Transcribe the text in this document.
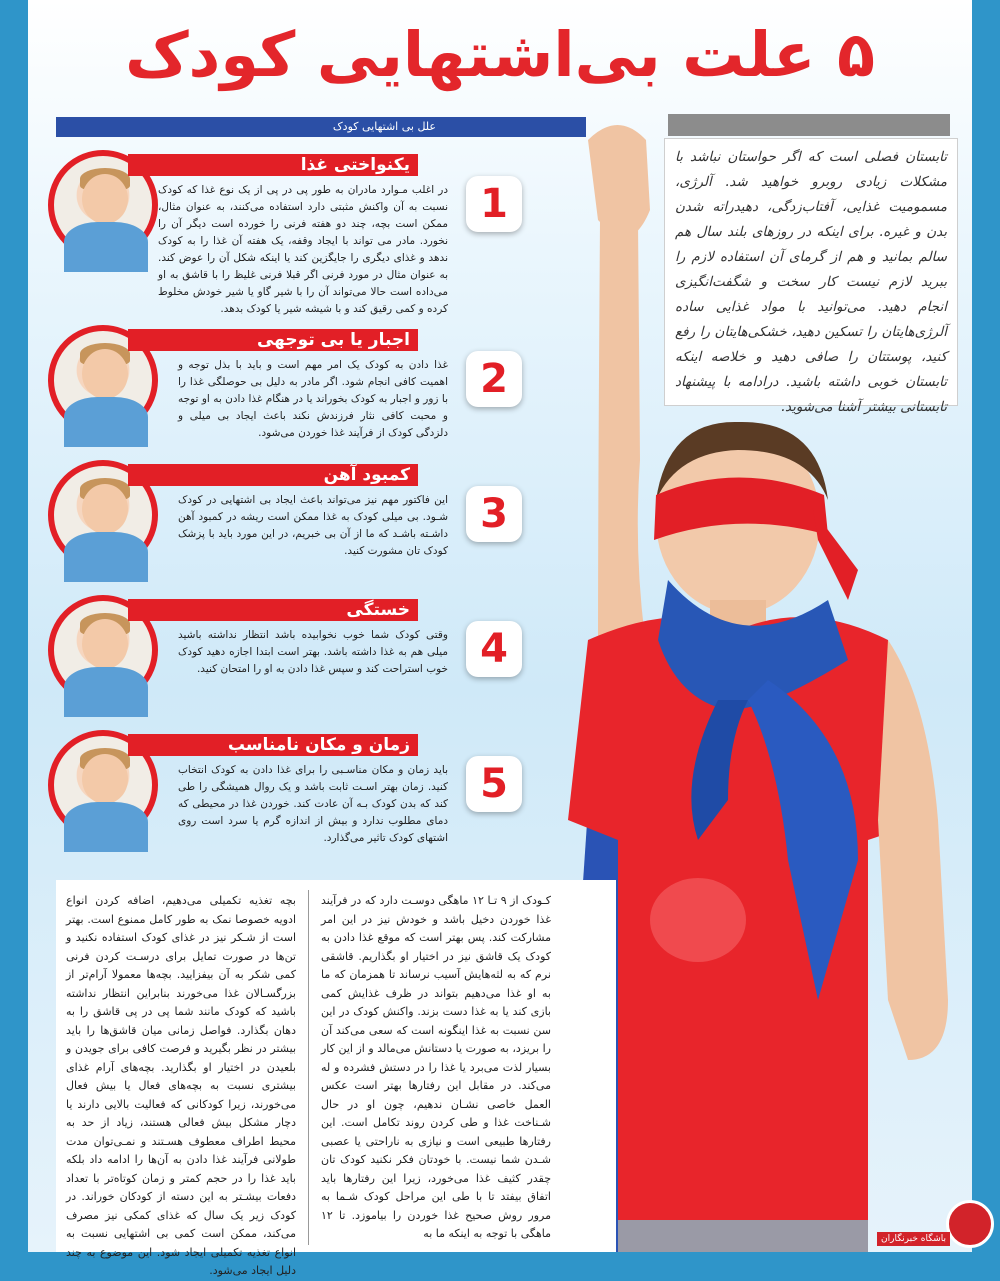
۵ علت بی‌اشتهایی کودک
علل بی اشتهایی کودک
تابستان فصلی است که اگر حواستان نباشد با مشکلات زیادی روبرو خواهید شد. آلرژی، مسمومیت غذایی، آفتاب‌زدگی، دهیدراته شدن بدن و غیره. برای اینکه در روزهای بلند سال هم سالم بمانید و هم از گرمای آن استفاده لازم را ببرید لازم نیست کار سخت و شگفت‌انگیزی انجام دهید. می‌توانید با مواد غذایی ساده آلرژی‌هایتان را تسکین دهید، خشکی‌هایتان را رفع کنید، پوستتان را صافی دهید و خلاصه اینکه تابستان خوبی داشته باشید. درادامه با پیشنهاد تابستانی بیشتر آشنا می‌شوید.
یکنواختی غذا
1
در اغلب مـوارد مادران به طور پی در پی از یک نوع غذا که کودک نسبت به آن واکنش مثبتی دارد استفاده می‌کنند، به عنوان مثال، ممکن است بچه، چند دو هفته فرنی را خورده است دیگر آن را نخورد. مادر می تواند با ایجاد وقفه، یک هفته آن غذا را به کودک ندهد و غذای دیگری را جایگزین کند یا اینکه شکل آن را عوض کند. به عنوان مثال در مورد فرنی اگر قبلا فرنی غلیظ را با قاشق به او می‌داده است حالا می‌تواند آن را با شیر گاو یا شیر خودش مخلوط کرده و کمی رقیق کند و با شیشه شیر یا کودک بدهد.
اجبار یا بی توجهی
2
غذا دادن به کودک یک امر مهم است و باید با بذل توجه و اهمیت کافی انجام شود. اگر مادر به دلیل بی حوصلگی غذا را با زور و اجبار به کودک بخوراند یا در هنگام غذا دادن به او توجه و محبت کافی نثار فرزندش نکند باعث ایجاد بی میلی و دلزدگی کودک از فرآیند غذا خوردن می‌شود.
کمبود آهن
3
این فاکتور مهم نیز می‌تواند باعث ایجاد بی اشتهایی در کودک شـود. بی میلی کودک به غذا ممکن است ریشه در کمبود آهن داشـته باشـد که ما از آن بی خبریم، در این مورد باید با پزشک کودک تان مشورت کنید.
خستگی
4
وقتی کودک شما خوب نخوابیده باشد انتظار نداشته باشید میلی هم به غذا داشته باشد. بهتر است ابتدا اجازه دهید کودک خوب استراحت کند و سپس غذا دادن به او را امتحان کنید.
زمان و مکان نامناسب
5
باید زمان و مکان مناسـبی را برای غذا دادن به کودک انتخاب کنید. زمان بهتر اسـت ثابت باشد و یک روال همیشگی را طی کند که بدن کودک بـه آن عادت کند. خوردن غذا در محیطی که دمای مطلوب ندارد و بیش از اندازه گرم یا سرد است روی اشتهای کودک تاثیر می‌گذارد.
کـودک از ۹ تـا ۱۲ ماهگی دوسـت دارد که در فرآیند غذا خوردن دخیل باشد و خودش نیز در این امر مشارکت کند. پس بهتر است که موقع غذا دادن به کودک یک قاشق نیز در اختیار او بگذاریم. قاشقی نرم که به لثه‌هایش آسیب نرساند تا همزمان که ما به او غذا می‌دهیم بتواند در ظرف غذایش کمی بازی کند یا به غذا دست بزند. واکنش کودک در این سن نسبت به غذا اینگونه است که سعی می‌کند آن را بریزد، به صورت یا دستانش می‌مالد و از این کار بسیار لذت می‌برد یا غذا را در دستش فشرده و له می‌کند. در مقابل این رفتارها بهتر است عکس العمل خاصی نشـان ندهیم، چون او در حال شـناخت غذا و طی کردن روند تکامل است. این رفتارها طبیعی است و نیازی به ناراحتی یا عصبی شـدن شما نیست. با خودتان فکر نکنید کودک تان چقدر کثیف غذا می‌خورد، زیرا این رفتارها باید اتفاق بیفتد تا با طی این مراحل کودک شـما به مرور روش صحیح غذا خوردن را بیاموزد. تا ۱۲ ماهگی با توجه به اینکه ما به
بچه تغذیه تکمیلی می‌دهیم، اضافه کردن انواع ادویه خصوصا نمک به طور کامل ممنوع است. بهتر است از شـکر نیز در غذای کودک استفاده نکنید و تن‌ها در صورت تمایل برای درسـت کردن فرنی کمی شکر به آن بیفزایید. بچه‌ها معمولا آرام‌تر از بزرگسـالان غذا می‌خورند بنابراین انتظار نداشته باشید که کودک مانند شما پی در پی قاشق را به دهان بگذارد. فواصل زمانی میان قاشق‌ها را باید بیشتر در نظر بگیرید و فرصت کافی برای جویدن و بلعیدن در اختیار او بگذارید. بچه‌های آرام غذای بیشتری نسبت به بچه‌های فعال یا بیش فعال می‌خورند، زیرا کودکانی که فعالیت بالایی دارند یا دچار مشکل بیش فعالی هستند، زیاد از حد به محیط اطراف معطوف هسـتند و نمـی‌توان مدت طولانی فرآیند غذا دادن به آن‌ها را ادامه داد بلکه باید غذا را در حجم کمتر و زمان کوتاه‌تر با تعداد دفعات بیشـتر به این دسته از کودکان خوراند. در کودک زیر یک سال که غذای کمکی نیز مصرف می‌کند، ممکن است کمی بی اشتهایی نسبت به انواع تغذیه تکمیلی ایجاد شود. این موضوع به چند دلیل ایجاد می‌شود.
باشگاه خبرنگاران
